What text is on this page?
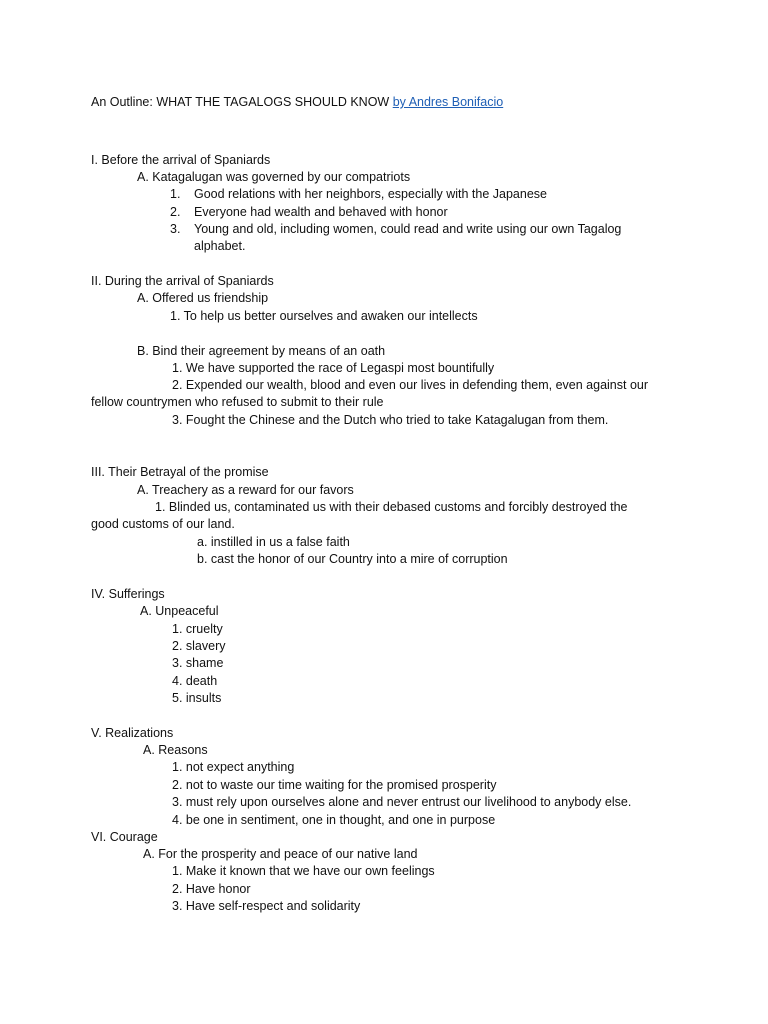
An Outline: WHAT THE TAGALOGS SHOULD KNOW by Andres Bonifacio
I. Before the arrival of Spaniards
A. Katagalugan was governed by our compatriots
1. Good relations with her neighbors, especially with the Japanese
2. Everyone had wealth and behaved with honor
3. Young and old, including women, could read and write using our own Tagalog
alphabet.
II. During the arrival of Spaniards
A. Offered us friendship
1. To help us better ourselves and awaken our intellects
B. Bind their agreement by means of an oath
1. We have supported the race of Legaspi most bountifully
2. Expended our wealth, blood and even our lives in defending them, even against our
fellow countrymen who refused to submit to their rule
3. Fought the Chinese and the Dutch who tried to take Katagalugan from them.
III. Their Betrayal of the promise
A. Treachery as a reward for our favors
1. Blinded us, contaminated us with their debased customs and forcibly destroyed the
good customs of our land.
a. instilled in us a false faith
b. cast the honor of our Country into a mire of corruption
IV. Sufferings
A. Unpeaceful
1. cruelty
2. slavery
3. shame
4. death
5. insults
V. Realizations
A. Reasons
1. not expect anything
2. not to waste our time waiting for the promised prosperity
3. must rely upon ourselves alone and never entrust our livelihood to anybody else.
4. be one in sentiment, one in thought, and one in purpose
VI. Courage
A. For the prosperity and peace of our native land
1. Make it known that we have our own feelings
2. Have honor
3. Have self-respect and solidarity
